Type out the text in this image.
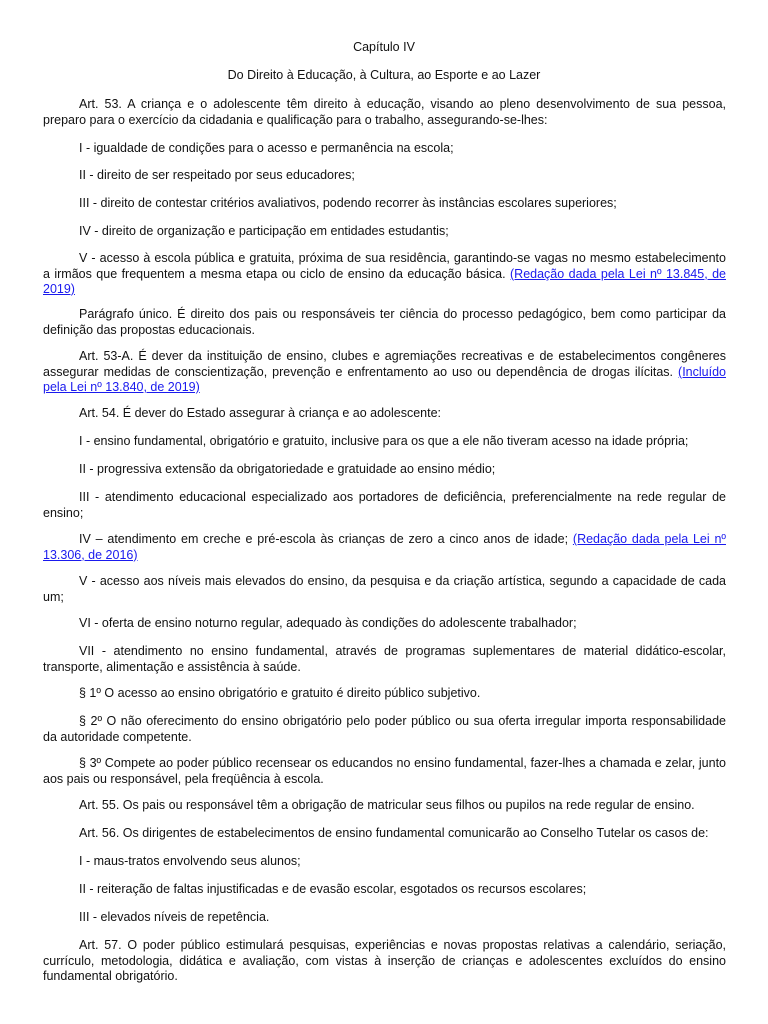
Capítulo IV
Do Direito à Educação, à Cultura, ao Esporte e ao Lazer
Art. 53. A criança e o adolescente têm direito à educação, visando ao pleno desenvolvimento de sua pessoa, preparo para o exercício da cidadania e qualificação para o trabalho, assegurando-se-lhes:
I - igualdade de condições para o acesso e permanência na escola;
II - direito de ser respeitado por seus educadores;
III - direito de contestar critérios avaliativos, podendo recorrer às instâncias escolares superiores;
IV - direito de organização e participação em entidades estudantis;
V - acesso à escola pública e gratuita, próxima de sua residência, garantindo-se vagas no mesmo estabelecimento a irmãos que frequentem a mesma etapa ou ciclo de ensino da educação básica. (Redação dada pela Lei nº 13.845, de 2019)
Parágrafo único. É direito dos pais ou responsáveis ter ciência do processo pedagógico, bem como participar da definição das propostas educacionais.
Art. 53-A. É dever da instituição de ensino, clubes e agremiações recreativas e de estabelecimentos congêneres assegurar medidas de conscientização, prevenção e enfrentamento ao uso ou dependência de drogas ilícitas. (Incluído pela Lei nº 13.840, de 2019)
Art. 54. É dever do Estado assegurar à criança e ao adolescente:
I - ensino fundamental, obrigatório e gratuito, inclusive para os que a ele não tiveram acesso na idade própria;
II - progressiva extensão da obrigatoriedade e gratuidade ao ensino médio;
III - atendimento educacional especializado aos portadores de deficiência, preferencialmente na rede regular de ensino;
IV – atendimento em creche e pré-escola às crianças de zero a cinco anos de idade; (Redação dada pela Lei nº 13.306, de 2016)
V - acesso aos níveis mais elevados do ensino, da pesquisa e da criação artística, segundo a capacidade de cada um;
VI - oferta de ensino noturno regular, adequado às condições do adolescente trabalhador;
VII - atendimento no ensino fundamental, através de programas suplementares de material didático-escolar, transporte, alimentação e assistência à saúde.
§ 1º O acesso ao ensino obrigatório e gratuito é direito público subjetivo.
§ 2º O não oferecimento do ensino obrigatório pelo poder público ou sua oferta irregular importa responsabilidade da autoridade competente.
§ 3º Compete ao poder público recensear os educandos no ensino fundamental, fazer-lhes a chamada e zelar, junto aos pais ou responsável, pela freqüência à escola.
Art. 55. Os pais ou responsável têm a obrigação de matricular seus filhos ou pupilos na rede regular de ensino.
Art. 56. Os dirigentes de estabelecimentos de ensino fundamental comunicarão ao Conselho Tutelar os casos de:
I - maus-tratos envolvendo seus alunos;
II - reiteração de faltas injustificadas e de evasão escolar, esgotados os recursos escolares;
III - elevados níveis de repetência.
Art. 57. O poder público estimulará pesquisas, experiências e novas propostas relativas a calendário, seriação, currículo, metodologia, didática e avaliação, com vistas à inserção de crianças e adolescentes excluídos do ensino fundamental obrigatório.
